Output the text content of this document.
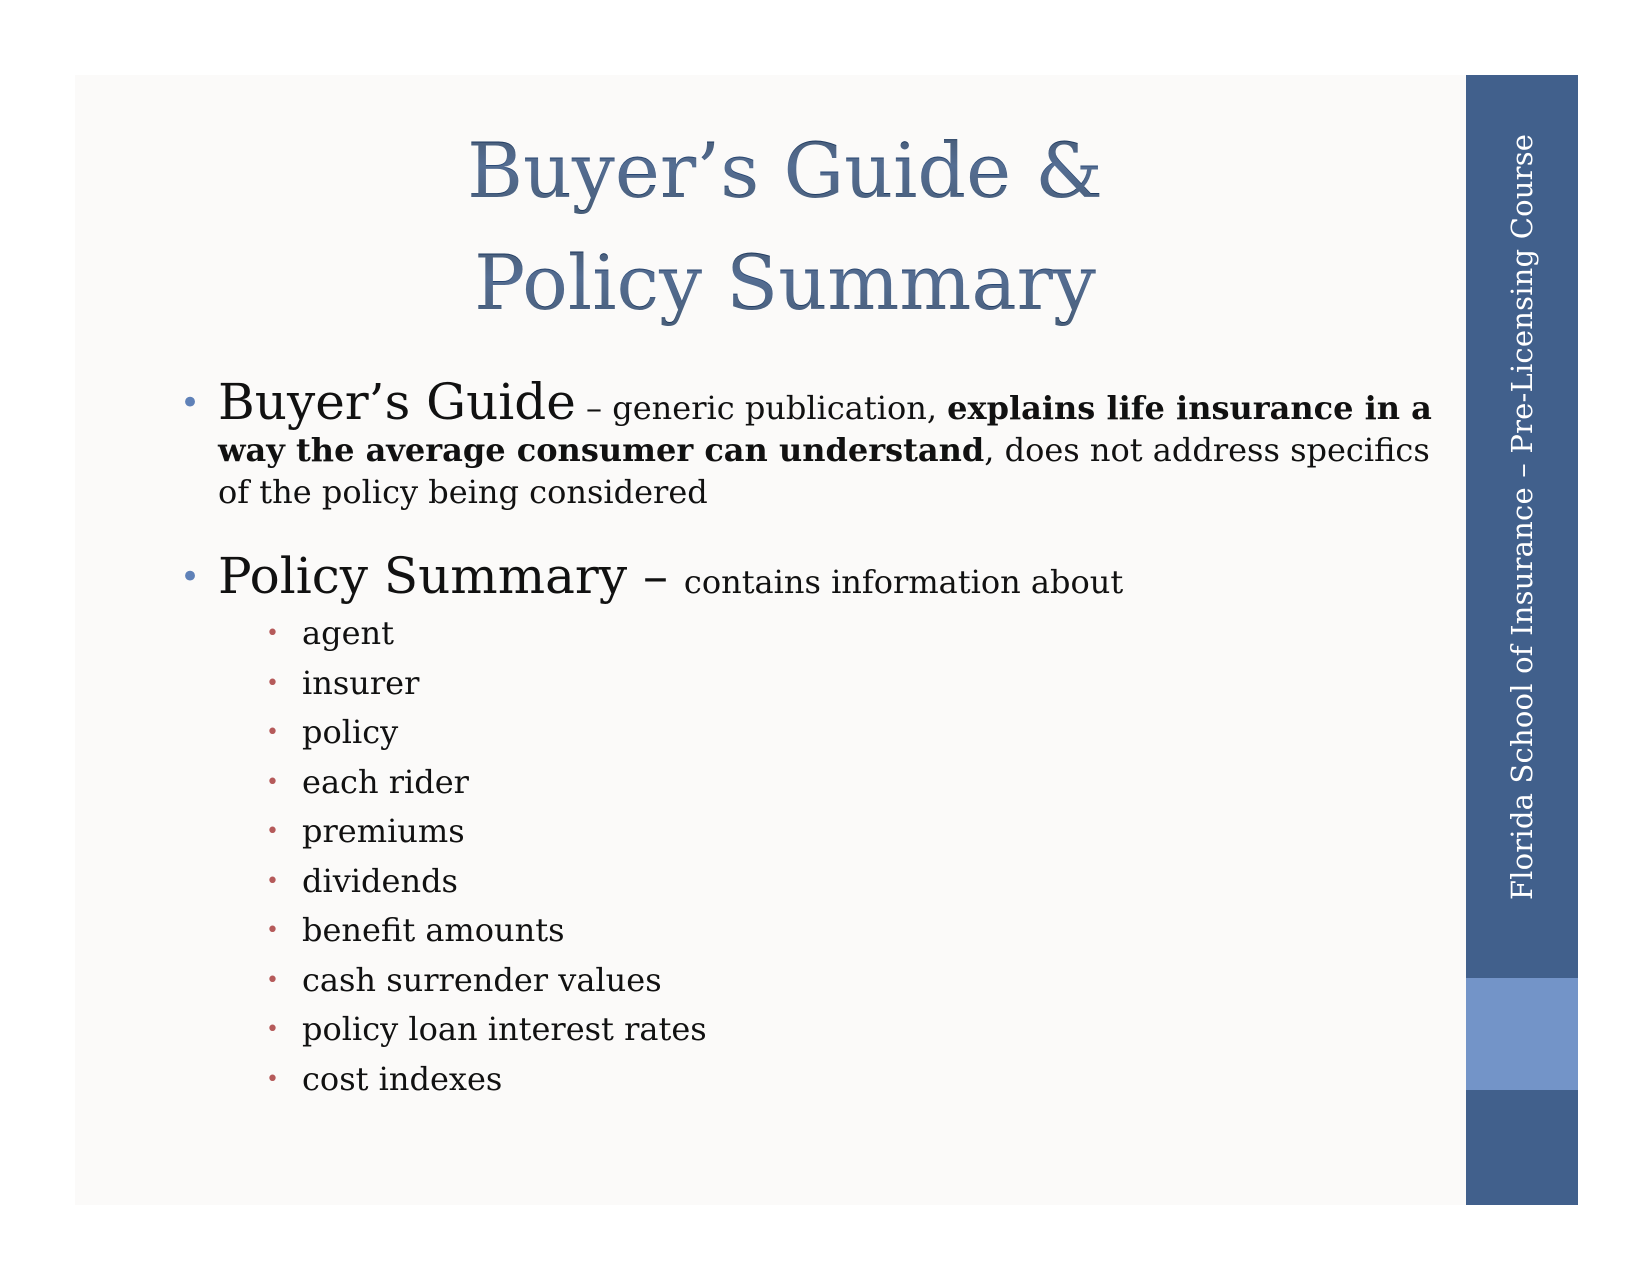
Buyer’s Guide &
Policy Summary
• Buyer’s Guide – generic publication, explains life insurance in a way the average consumer can understand, does not address specifics of the policy being considered
• Policy Summary – contains information about
• agent
• insurer
• policy
• each rider
• premiums
• dividends
• benefit amounts
• cash surrender values
• policy loan interest rates
• cost indexes
Florida School of Insurance – Pre-Licensing Course
